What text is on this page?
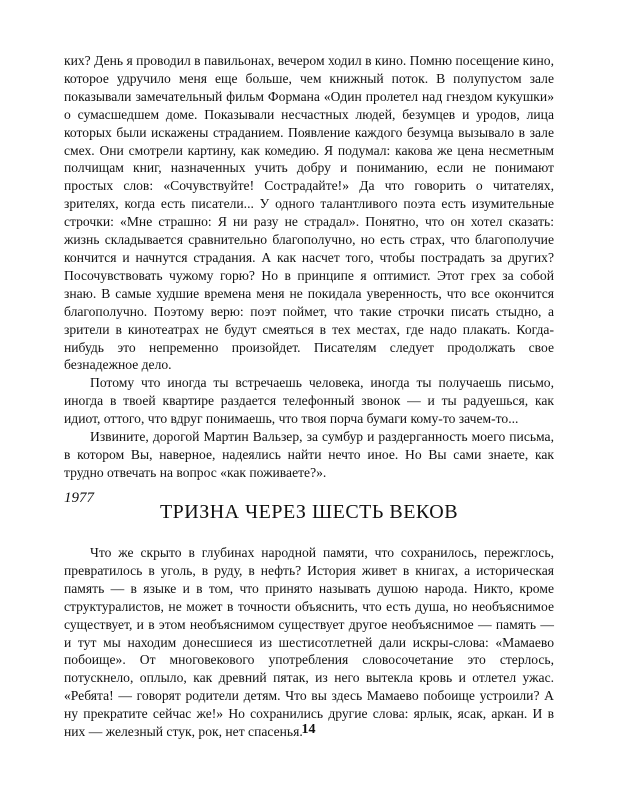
ких? День я проводил в павильонах, вечером ходил в кино. Помню посещение кино, которое удручило меня еще больше, чем книжный поток. В полупустом зале показывали замечательный фильм Формана «Один пролетел над гнездом кукушки» о сумасшедшем доме. Показывали несчастных людей, безумцев и уродов, лица которых были искажены страданием. Появление каждого безумца вызывало в зале смех. Они смотрели картину, как комедию. Я подумал: какова же цена несметным полчищам книг, назначенных учить добру и пониманию, если не понимают простых слов: «Сочувствуйте! Сострадайте!» Да что говорить о читателях, зрителях, когда есть писатели... У одного талантливого поэта есть изумительные строчки: «Мне страшно: Я ни разу не страдал». Понятно, что он хотел сказать: жизнь складывается сравнительно благополучно, но есть страх, что благополучие кончится и начнутся страдания. А как насчет того, чтобы пострадать за других? Посочувствовать чужому горю? Но в принципе я оптимист. Этот грех за собой знаю. В самые худшие времена меня не покидала уверенность, что все окончится благополучно. Поэтому верю: поэт поймет, что такие строчки писать стыдно, а зрители в кинотеатрах не будут смеяться в тех местах, где надо плакать. Когда-нибудь это непременно произойдет. Писателям следует продолжать свое безнадежное дело.

Потому что иногда ты встречаешь человека, иногда ты получаешь письмо, иногда в твоей квартире раздается телефонный звонок — и ты радуешься, как идиот, оттого, что вдруг понимаешь, что твоя порча бумаги кому-то зачем-то...

Извините, дорогой Мартин Вальзер, за сумбур и раздерганность моего письма, в котором Вы, наверное, надеялись найти нечто иное. Но Вы сами знаете, как трудно отвечать на вопрос «как поживаете?».

1977
ТРИЗНА ЧЕРЕЗ ШЕСТЬ ВЕКОВ

Что же скрыто в глубинах народной памяти, что сохранилось, пережглось, превратилось в уголь, в руду, в нефть? История живет в книгах, а историческая память — в языке и в том, что принято называть душою народа. Никто, кроме структуралистов, не может в точности объяснить, что есть душа, но необъяснимое существует, и в этом необъяснимом существует другое необъяснимое — память — и тут мы находим донесшиеся из шестисотлетней дали искры-слова: «Мамаево побоище». От многовекового употребления словосочетание это стерлось, потускнело, оплыло, как древний пятак, из него вытекла кровь и отлетел ужас. «Ребята! — говорят родители детям. Что вы здесь Мамаево побоище устроили? А ну прекратите сейчас же!» Но сохранились другие слова: ярлык, ясак, аркан. И в них — железный стук, рок, нет спасенья.

14
